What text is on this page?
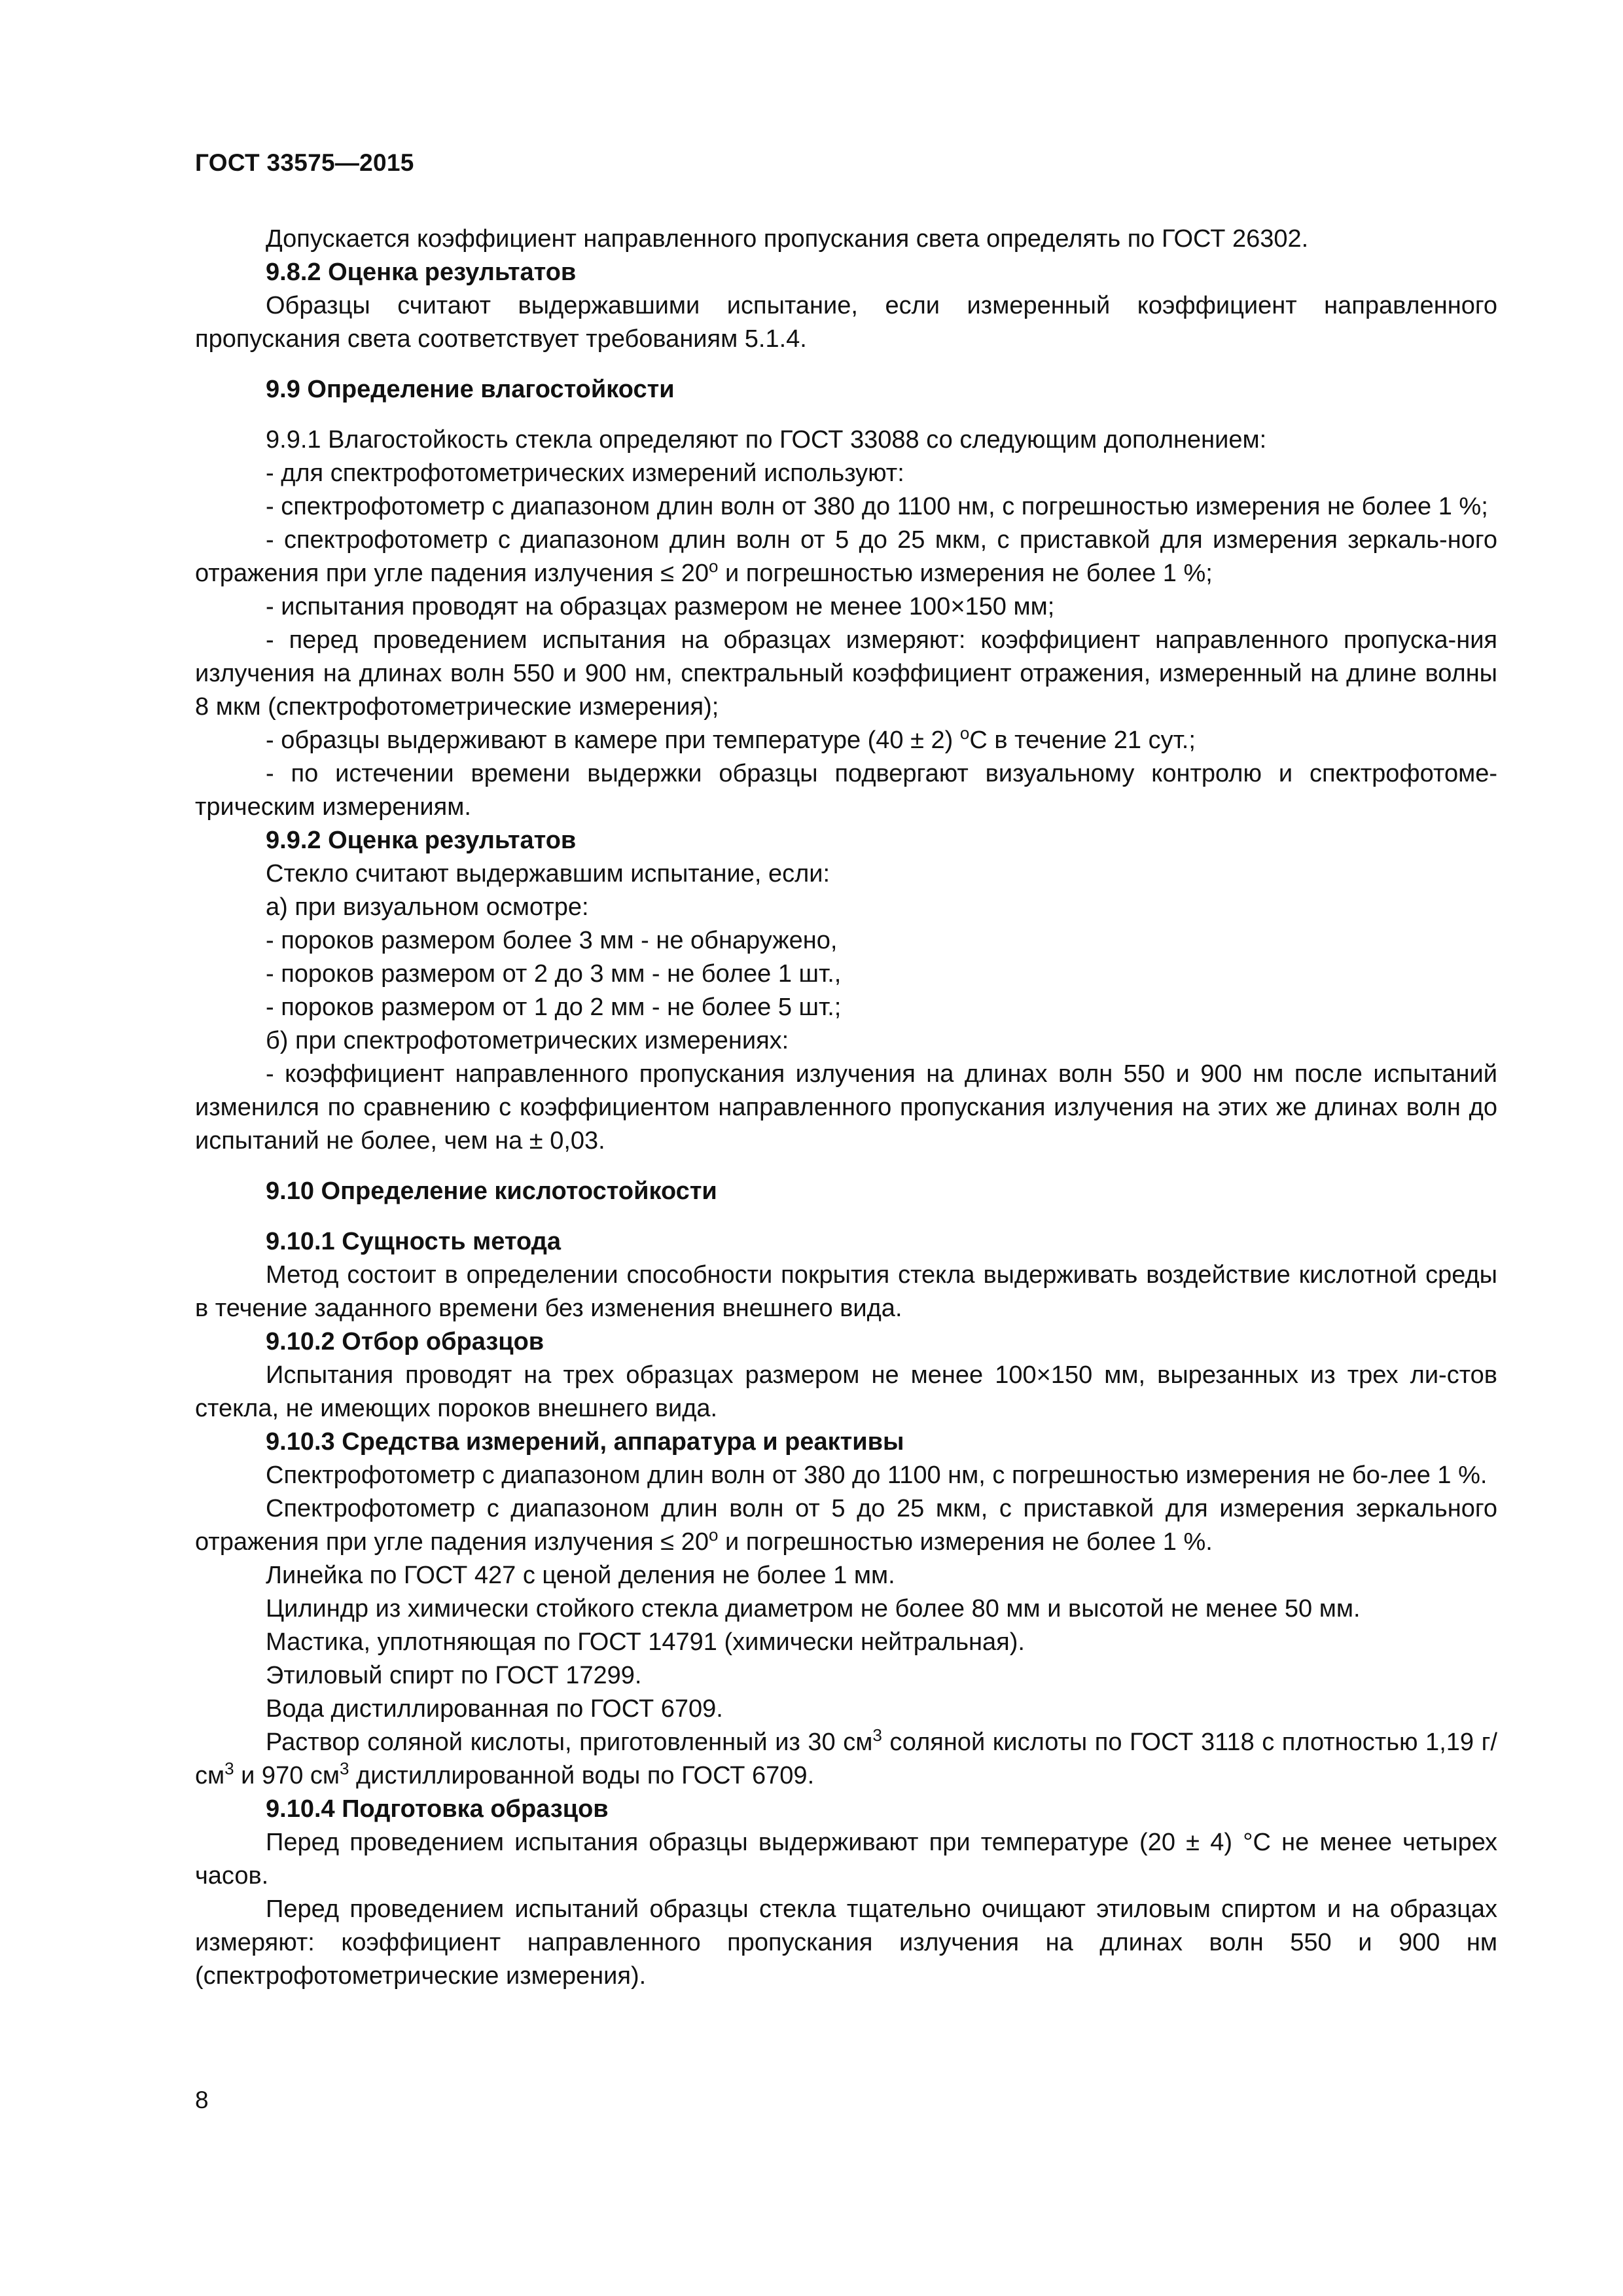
ГОСТ 33575—2015

Допускается коэффициент направленного пропускания света определять по ГОСТ 26302.

9.8.2 Оценка результатов

Образцы считают выдержавшими испытание, если измеренный коэффициент направленного пропускания света соответствует требованиям 5.1.4.

9.9 Определение влагостойкости

9.9.1 Влагостойкость стекла определяют по ГОСТ 33088 со следующим дополнением:

- для спектрофотометрических измерений используют:

- спектрофотометр с диапазоном длин волн от 380 до 1100 нм, с погрешностью измерения не более 1 %;

- спектрофотометр с диапазоном длин волн от 5 до 25 мкм, с приставкой для измерения зеркаль-ного отражения при угле падения излучения ≤ $20^o$ и погрешностью измерения не более 1 %;

- испытания проводят на образцах размером не менее 100×150 мм;

- перед проведением испытания на образцах измеряют: коэффициент направленного пропуска-ния излучения на длинах волн 550 и 900 нм, спектральный коэффициент отражения, измеренный на длине волны 8 мкм (спектрофотометрические измерения);

- образцы выдерживают в камере при температуре (40 ± 2) $^о$С в течение 21 сут.;

- по истечении времени выдержки образцы подвергают визуальному контролю и спектрофотоме-трическим измерениям.

9.9.2 Оценка результатов

Стекло считают выдержавшим испытание, если:

а) при визуальном осмотре:

- пороков размером более 3 мм - не обнаружено,

- пороков размером от 2 до 3 мм - не более 1 шт.,

- пороков размером от 1 до 2 мм - не более 5 шт.;

б) при спектрофотометрических измерениях:

- коэффициент направленного пропускания излучения на длинах волн 550 и 900 нм после испытаний изменился по сравнению с коэффициентом направленного пропускания излучения на этих же длинах волн до испытаний не более, чем на ± 0,03.

9.10 Определение кислотостойкости

9.10.1 Сущность метода

Метод состоит в определении способности покрытия стекла выдерживать воздействие кислотной среды в течение заданного времени без изменения внешнего вида.

9.10.2 Отбор образцов

Испытания проводят на трех образцах размером не менее 100×150 мм, вырезанных из трех ли-стов стекла, не имеющих пороков внешнего вида.

9.10.3 Средства измерений, аппаратура и реактивы

Спектрофотометр с диапазоном длин волн от 380 до 1100 нм, с погрешностью измерения не бо-лее 1 %.

Спектрофотометр с диапазоном длин волн от 5 до 25 мкм, с приставкой для измерения зеркального отражения при угле падения излучения ≤ $20^о$ и погрешностью измерения не более 1 %.

Линейка по ГОСТ 427 с ценой деления не более 1 мм.

Цилиндр из химически стойкого стекла диаметром не более 80 мм и высотой не менее 50 мм.

Мастика, уплотняющая по ГОСТ 14791 (химически нейтральная).

Этиловый спирт по ГОСТ 17299.

Вода дистиллированная по ГОСТ 6709.

Раствор соляной кислоты, приготовленный из 30 $см^3$ соляной кислоты по ГОСТ 3118 с плотностью 1,19 $г/см^3$ и 970 $см^3$ дистиллированной воды по ГОСТ 6709.

9.10.4 Подготовка образцов

Перед проведением испытания образцы выдерживают при температуре (20 ± 4) °С не менее четырех часов.

Перед проведением испытаний образцы стекла тщательно очищают этиловым спиртом и на образцах измеряют: коэффициент направленного пропускания излучения на длинах волн 550 и 900 нм (спектрофотометрические измерения).

8
